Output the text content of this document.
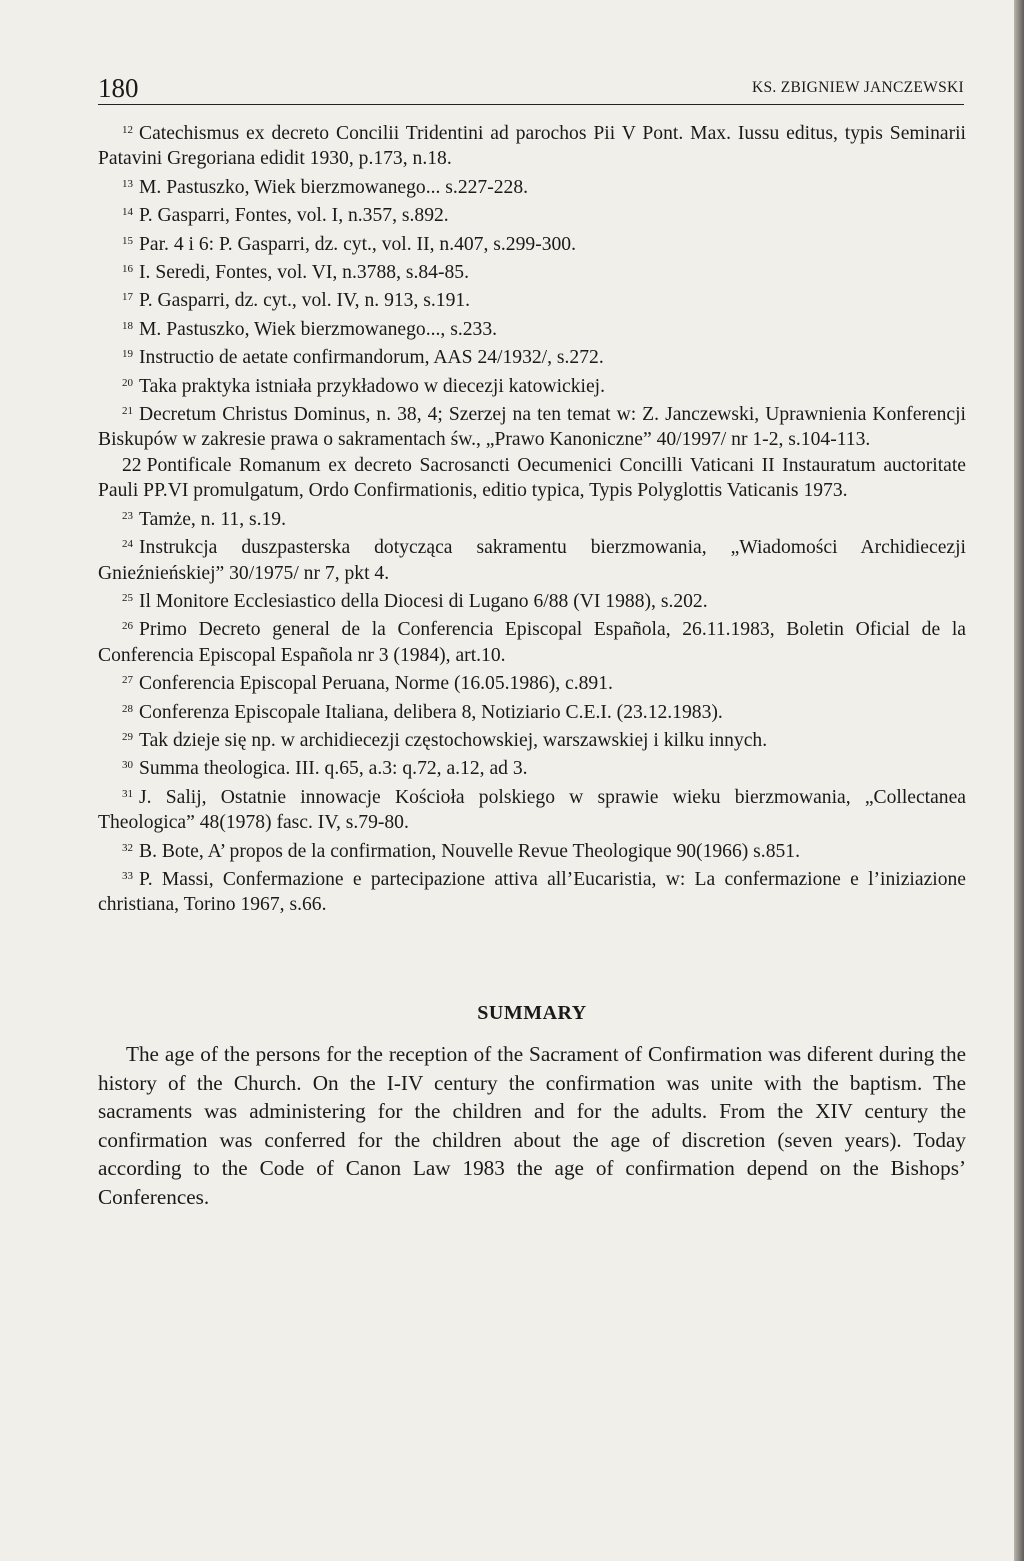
180	KS. ZBIGNIEW JANCZEWSKI

$^{12}$ Catechismus ex decreto Concilii Tridentini ad parochos Pii V Pont. Max. Iussu editus, typis Seminarii Patavini Gregoriana edidit 1930, p.173, n.18.

$^{13}$ M. Pastuszko, Wiek bierzmowanego... s.227-228.

$^{14}$ P. Gasparri, Fontes, vol. I, n.357, s.892.

$^{15}$ Par. 4 i 6: P. Gasparri, dz. cyt., vol. II, n.407, s.299-300.

$^{16}$ I. Seredi, Fontes, vol. VI, n.3788, s.84-85.

$^{17}$ P. Gasparri, dz. cyt., vol. IV, n. 913, s.191.

$^{18}$ M. Pastuszko, Wiek bierzmowanego..., s.233.

$^{19}$ Instructio de aetate confirmandorum, AAS 24/1932/, s.272.

$^{20}$ Taka praktyka istniała przykładowo w diecezji katowickiej.

$^{21}$ Decretum Christus Dominus, n. 38, 4; Szerzej na ten temat w: Z. Janczewski, Uprawnienia Konferencji Biskupów w zakresie prawa o sakramentach św., „Prawo Kanoniczne” 40/1997/ nr 1-2, s.104-113.

22 Pontificale Romanum ex decreto Sacrosancti Oecumenici Concilli Vaticani II Instauratum auctoritate Pauli PP.VI promulgatum, Ordo Confirmationis, editio typica, Typis Polyglottis Vaticanis 1973.

$^{23}$ Tamże, n. 11, s.19.

$^{24}$ Instrukcja duszpasterska dotycząca sakramentu bierzmowania, „Wiadomości Archidiecezji Gnieźnieńskiej” 30/1975/ nr 7, pkt 4.

$^{25}$ Il Monitore Ecclesiastico della Diocesi di Lugano 6/88 (VI 1988), s.202.

$^{26}$ Primo Decreto general de la Conferencia Episcopal Española, 26.11.1983, Boletin Oficial de la Conferencia Episcopal Española nr 3 (1984), art.10.

$^{27}$ Conferencia Episcopal Peruana, Norme (16.05.1986), c.891.

$^{28}$ Conferenza Episcopale Italiana, delibera 8, Notiziario C.E.I. (23.12.1983).

$^{29}$ Tak dzieje się np. w archidiecezji częstochowskiej, warszawskiej i kilku innych.

$^{30}$ Summa theologica. III. q.65, a.3: q.72, a.12, ad 3.

$^{31}$ J. Salij, Ostatnie innowacje Kościoła polskiego w sprawie wieku bierzmowania, „Collectanea Theologica” 48(1978) fasc. IV, s.79-80.

$^{32}$ B. Bote, A’ propos de la confirmation, Nouvelle Revue Theologique 90(1966) s.851.

$^{33}$ P. Massi, Confermazione e partecipazione attiva all’Eucaristia, w: La confermazione e l’iniziazione christiana, Torino 1967, s.66.

SUMMARY

The age of the persons for the reception of the Sacrament of Confirmation was diferent during the history of the Church. On the I-IV century the confirmation was unite with the baptism. The sacraments was administering for the children and for the adults. From the XIV century the confirmation was conferred for the children about the age of discretion (seven years). Today according to the Code of Canon Law 1983 the age of confirmation depend on the Bishops’ Conferences.
